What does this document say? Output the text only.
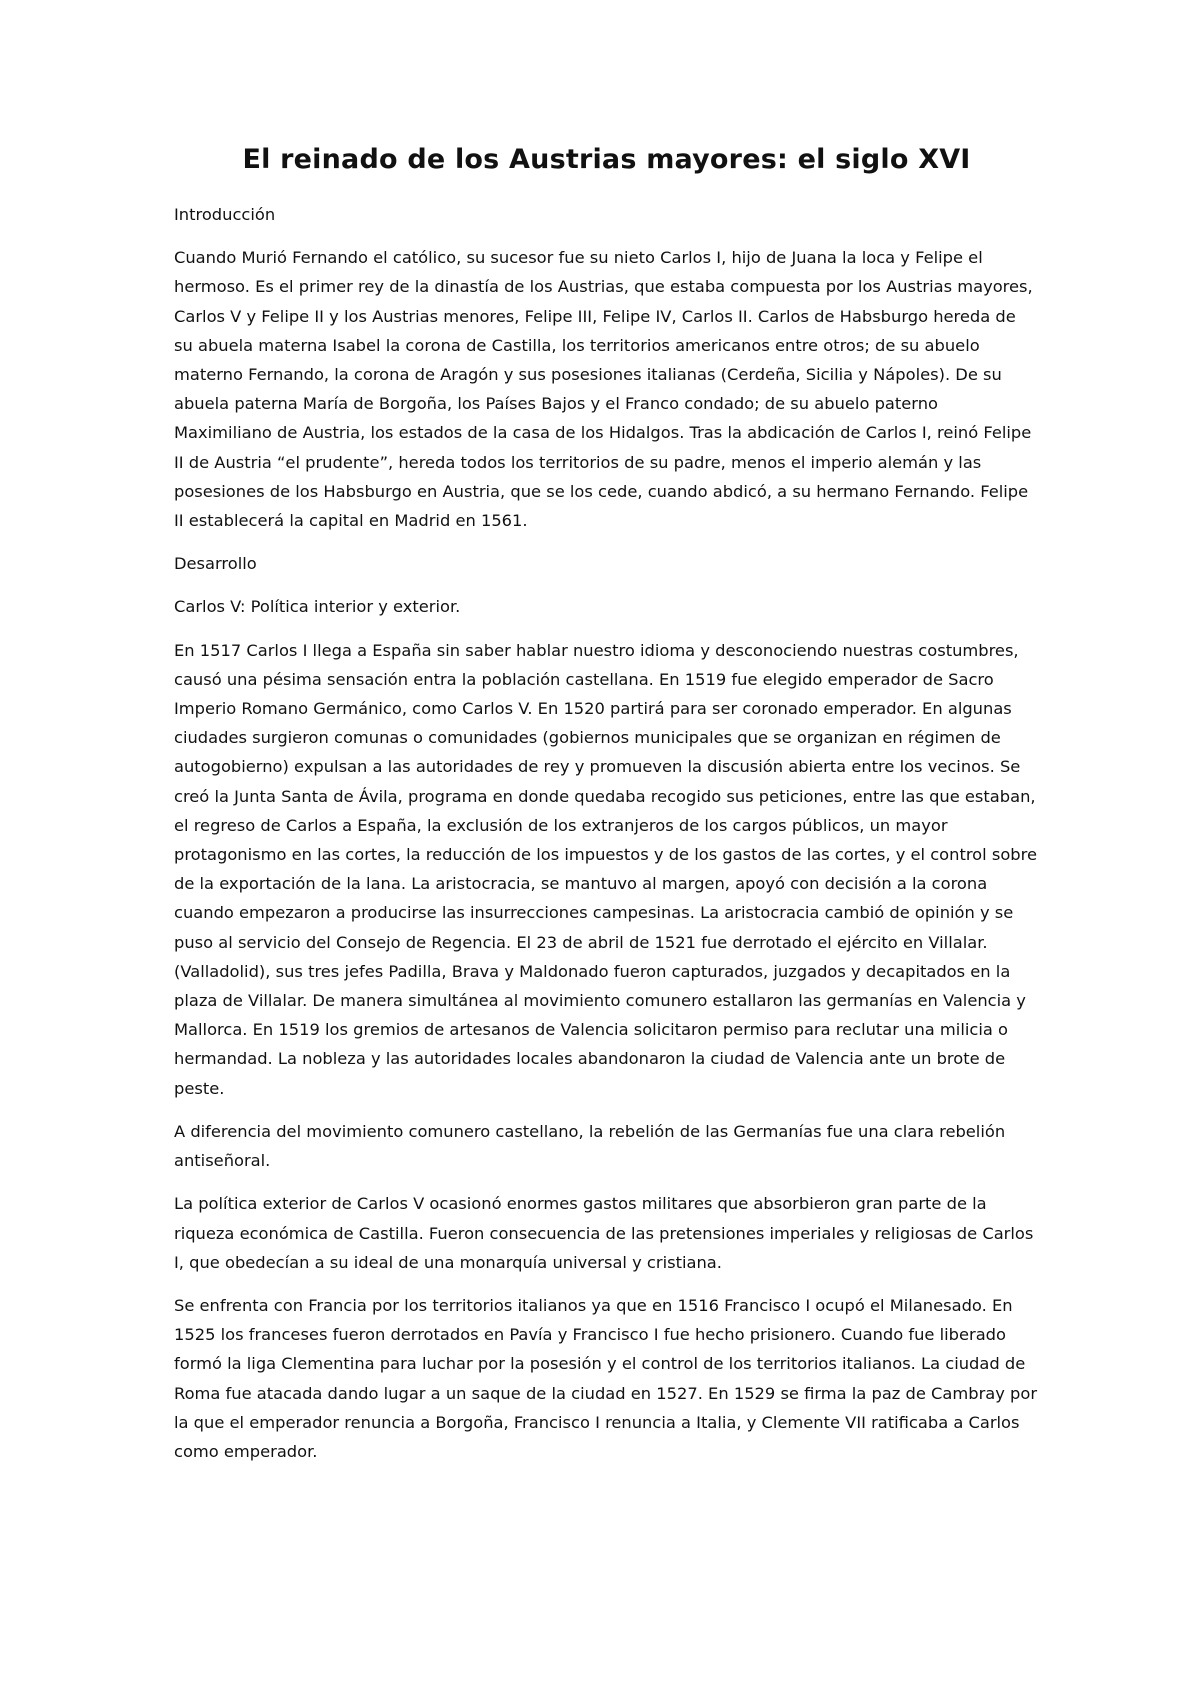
El reinado de los Austrias mayores: el siglo XVI

Introducción

Cuando Murió Fernando el católico, su sucesor fue su nieto Carlos I, hijo de Juana la loca y Felipe el hermoso. Es el primer rey de la dinastía de los Austrias, que estaba compuesta por los Austrias mayores, Carlos V y Felipe II y los Austrias menores, Felipe III, Felipe IV, Carlos II. Carlos de Habsburgo hereda de su abuela materna Isabel la corona de Castilla, los territorios americanos entre otros; de su abuelo materno Fernando, la corona de Aragón y sus posesiones italianas (Cerdeña, Sicilia y Nápoles). De su abuela paterna María de Borgoña, los Países Bajos y el Franco condado; de su abuelo paterno Maximiliano de Austria, los estados de la casa de los Hidalgos. Tras la abdicación de Carlos I, reinó Felipe II de Austria “el prudente”, hereda todos los territorios de su padre, menos el imperio alemán y las posesiones de los Habsburgo en Austria, que se los cede, cuando abdicó, a su hermano Fernando. Felipe II establecerá la capital en Madrid en 1561.

Desarrollo

Carlos V: Política interior y exterior.

En 1517 Carlos I llega a España sin saber hablar nuestro idioma y desconociendo nuestras costumbres, causó una pésima sensación entra la población castellana. En 1519 fue elegido emperador de Sacro Imperio Romano Germánico, como Carlos V. En 1520 partirá para ser coronado emperador. En algunas ciudades surgieron comunas o comunidades (gobiernos municipales que se organizan en régimen de autogobierno) expulsan a las autoridades de rey y promueven la discusión abierta entre los vecinos. Se creó la Junta Santa de Ávila, programa en donde quedaba recogido sus peticiones, entre las que estaban, el regreso de Carlos a España, la exclusión de los extranjeros de los cargos públicos, un mayor protagonismo en las cortes, la reducción de los impuestos y de los gastos de las cortes, y el control sobre de la exportación de la lana. La aristocracia, se mantuvo al margen, apoyó con decisión a la corona cuando empezaron a producirse las insurrecciones campesinas. La aristocracia cambió de opinión y se puso al servicio del Consejo de Regencia. El 23 de abril de 1521 fue derrotado el ejército en Villalar. (Valladolid), sus tres jefes Padilla, Brava y Maldonado fueron capturados, juzgados y decapitados en la plaza de Villalar. De manera simultánea al movimiento comunero estallaron las germanías en Valencia y Mallorca. En 1519 los gremios de artesanos de Valencia solicitaron permiso para reclutar una milicia o hermandad. La nobleza y las autoridades locales abandonaron la ciudad de Valencia ante un brote de peste.

A diferencia del movimiento comunero castellano, la rebelión de las Germanías fue una clara rebelión antiseñoral.

La política exterior de Carlos V ocasionó enormes gastos militares que absorbieron gran parte de la riqueza económica de Castilla. Fueron consecuencia de las pretensiones imperiales y religiosas de Carlos I, que obedecían a su ideal de una monarquía universal y cristiana.

Se enfrenta con Francia por los territorios italianos ya que en 1516 Francisco I ocupó el Milanesado. En 1525 los franceses fueron derrotados en Pavía y Francisco I fue hecho prisionero. Cuando fue liberado formó la liga Clementina para luchar por la posesión y el control de los territorios italianos. La ciudad de Roma fue atacada dando lugar a un saque de la ciudad en 1527. En 1529 se firma la paz de Cambray por la que el emperador renuncia a Borgoña, Francisco I renuncia a Italia, y Clemente VII ratificaba a Carlos como emperador.
